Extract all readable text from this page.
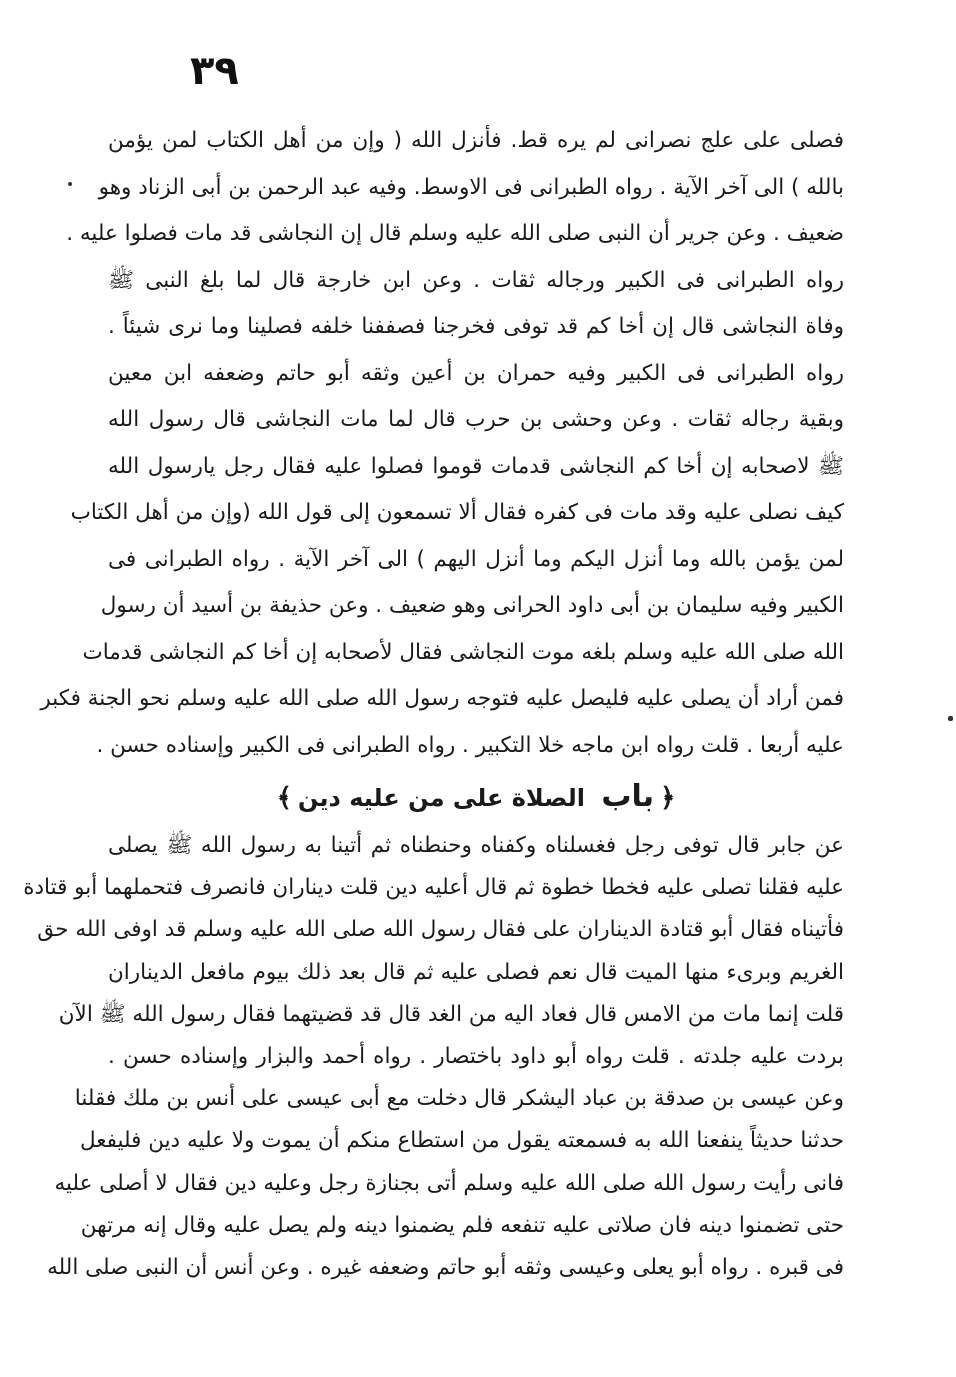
٣٩
فصلى على علج نصرانى لم يره قط. فأنزل الله ( وإن من أهل الكتاب لمن يؤمن
بالله ) الى آخر الآية . رواه الطبرانى فى الاوسط. وفيه عبد الرحمن بن أبى الزناد وهو
ضعيف . وعن جرير أن النبى صلى الله عليه وسلم قال إن النجاشى قد مات فصلوا عليه .
رواه الطبرانى فى الكبير ورجاله ثقات . وعن ابن خارجة قال لما بلغ النبى ﷺ
وفاة النجاشى قال إن أخا كم قد توفى فخرجنا فصففنا خلفه فصلينا وما نرى شيئاً .
رواه الطبرانى فى الكبير وفيه حمران بن أعين وثقه أبو حاتم وضعفه ابن معين
وبقية رجاله ثقات . وعن وحشى بن حرب قال لما مات النجاشى قال رسول الله
ﷺ لاصحابه إن أخا كم النجاشى قدمات قوموا فصلوا عليه فقال رجل يارسول الله
كيف نصلى عليه وقد مات فى كفره فقال ألا تسمعون إلى قول الله (وإن من أهل الكتاب
لمن يؤمن بالله وما أنزل اليكم وما أنزل اليهم ) الى آخر الآية . رواه الطبرانى فى
الكبير وفيه سليمان بن أبى داود الحرانى وهو ضعيف . وعن حذيفة بن أسيد أن رسول
الله صلى الله عليه وسلم بلغه موت النجاشى فقال لأصحابه إن أخا كم النجاشى قدمات
فمن أراد أن يصلى عليه فليصل عليه فتوجه رسول الله صلى الله عليه وسلم نحو الجنة فكبر
عليه أربعا . قلت رواه ابن ماجه خلا التكبير . رواه الطبرانى فى الكبير وإسناده حسن .
﴿باب الصلاة على من عليه دين﴾
عن جابر قال توفى رجل فغسلناه وكفناه وحنطناه ثم أتينا به رسول الله ﷺ يصلى
عليه فقلنا تصلى عليه فخطا خطوة ثم قال أعليه دين قلت ديناران فانصرف فتحملهما أبو قتادة
فأتيناه فقال أبو قتادة الديناران على فقال رسول الله صلى الله عليه وسلم قد اوفى الله حق
الغريم وبرىء منها الميت قال نعم فصلى عليه ثم قال بعد ذلك بيوم مافعل الديناران
قلت إنما مات من الامس قال فعاد اليه من الغد قال قد قضيتهما فقال رسول الله ﷺ الآن
بردت عليه جلدته . قلت رواه أبو داود باختصار . رواه أحمد والبزار وإسناده حسن .
وعن عيسى بن صدقة بن عباد اليشكر قال دخلت مع أبى عيسى على أنس بن ملك فقلنا
حدثنا حديثاً ينفعنا الله به فسمعته يقول من استطاع منكم أن يموت ولا عليه دين فليفعل
فانى رأيت رسول الله صلى الله عليه وسلم أتى بجنازة رجل وعليه دين فقال لا أصلى عليه
حتى تضمنوا دينه فان صلاتى عليه تنفعه فلم يضمنوا دينه ولم يصل عليه وقال إنه مرتهن
فى قبره . رواه أبو يعلى وعيسى وثقه أبو حاتم وضعفه غيره . وعن أنس أن النبى صلى الله
